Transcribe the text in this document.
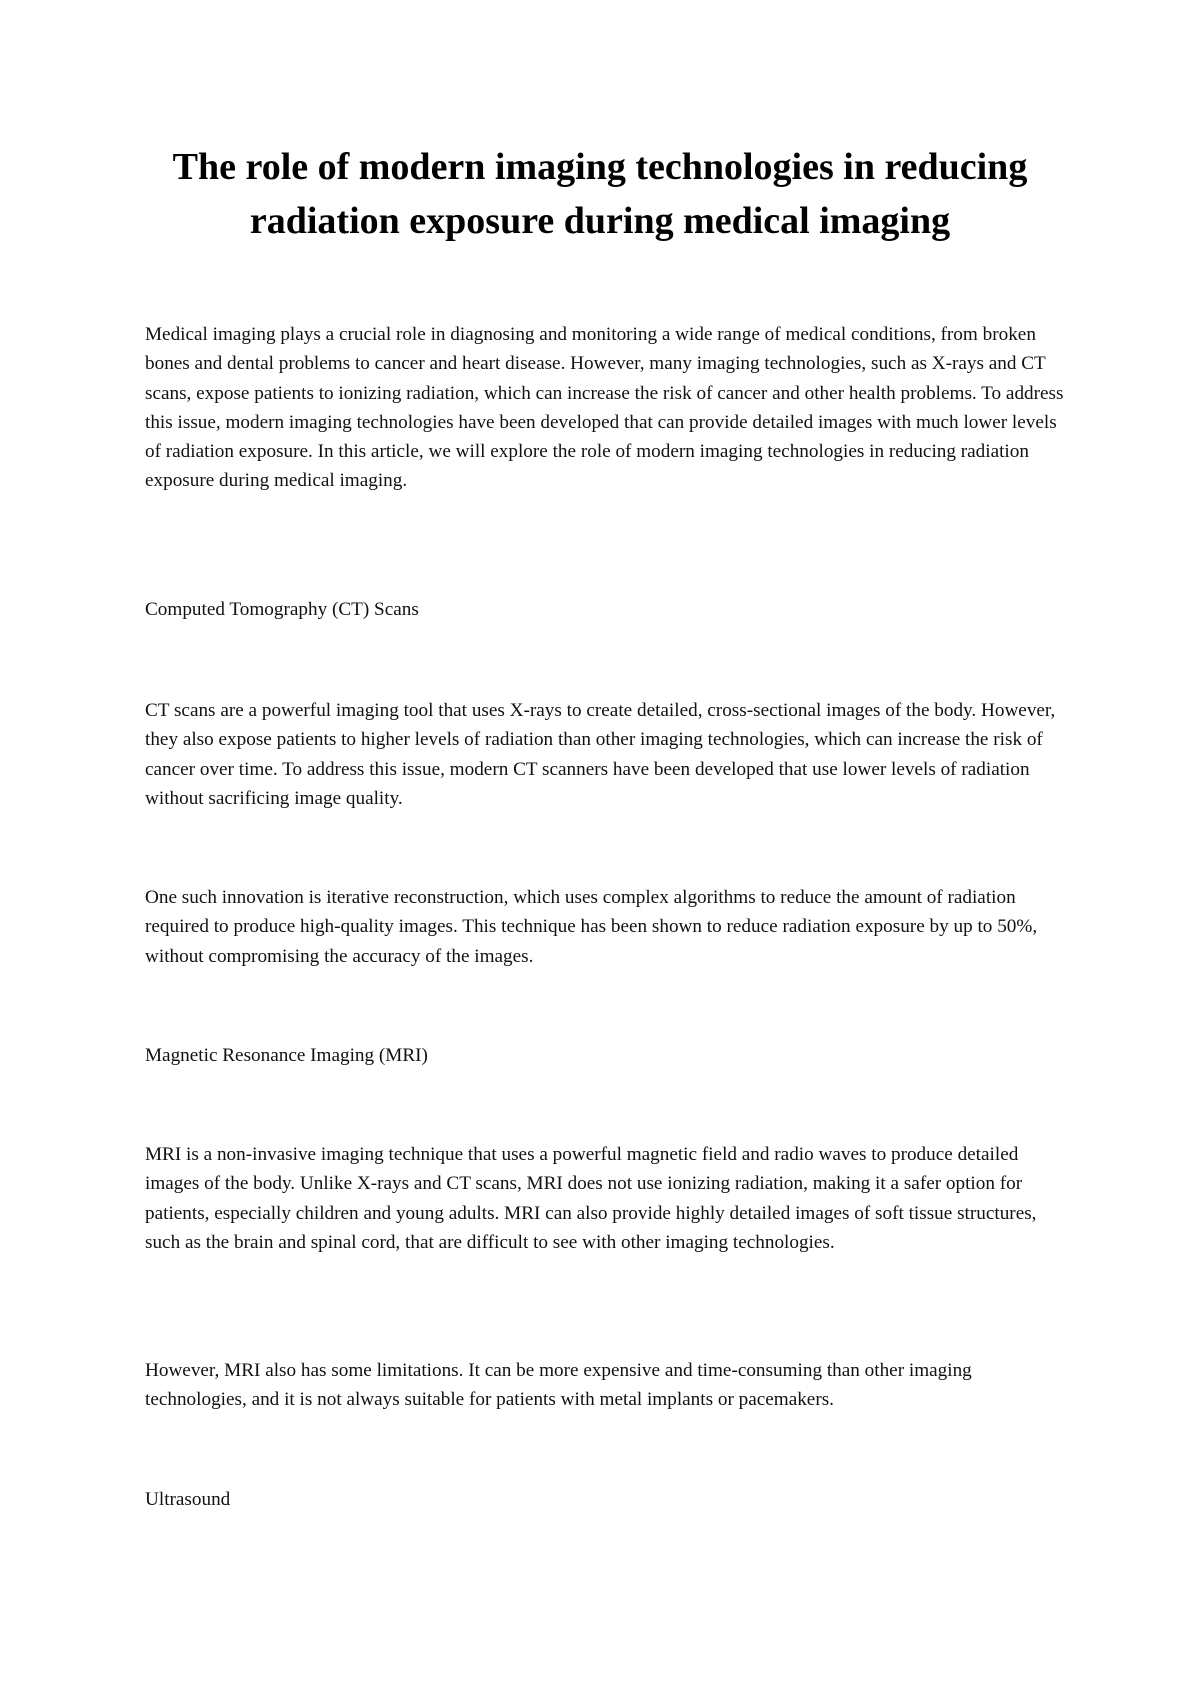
The role of modern imaging technologies in reducing radiation exposure during medical imaging

Medical imaging plays a crucial role in diagnosing and monitoring a wide range of medical conditions, from broken bones and dental problems to cancer and heart disease. However, many imaging technologies, such as X-rays and CT scans, expose patients to ionizing radiation, which can increase the risk of cancer and other health problems. To address this issue, modern imaging technologies have been developed that can provide detailed images with much lower levels of radiation exposure. In this article, we will explore the role of modern imaging technologies in reducing radiation exposure during medical imaging.

Computed Tomography (CT) Scans

CT scans are a powerful imaging tool that uses X-rays to create detailed, cross-sectional images of the body. However, they also expose patients to higher levels of radiation than other imaging technologies, which can increase the risk of cancer over time. To address this issue, modern CT scanners have been developed that use lower levels of radiation without sacrificing image quality.

One such innovation is iterative reconstruction, which uses complex algorithms to reduce the amount of radiation required to produce high-quality images. This technique has been shown to reduce radiation exposure by up to 50%, without compromising the accuracy of the images.

Magnetic Resonance Imaging (MRI)

MRI is a non-invasive imaging technique that uses a powerful magnetic field and radio waves to produce detailed images of the body. Unlike X-rays and CT scans, MRI does not use ionizing radiation, making it a safer option for patients, especially children and young adults. MRI can also provide highly detailed images of soft tissue structures, such as the brain and spinal cord, that are difficult to see with other imaging technologies.

However, MRI also has some limitations. It can be more expensive and time-consuming than other imaging technologies, and it is not always suitable for patients with metal implants or pacemakers.

Ultrasound
